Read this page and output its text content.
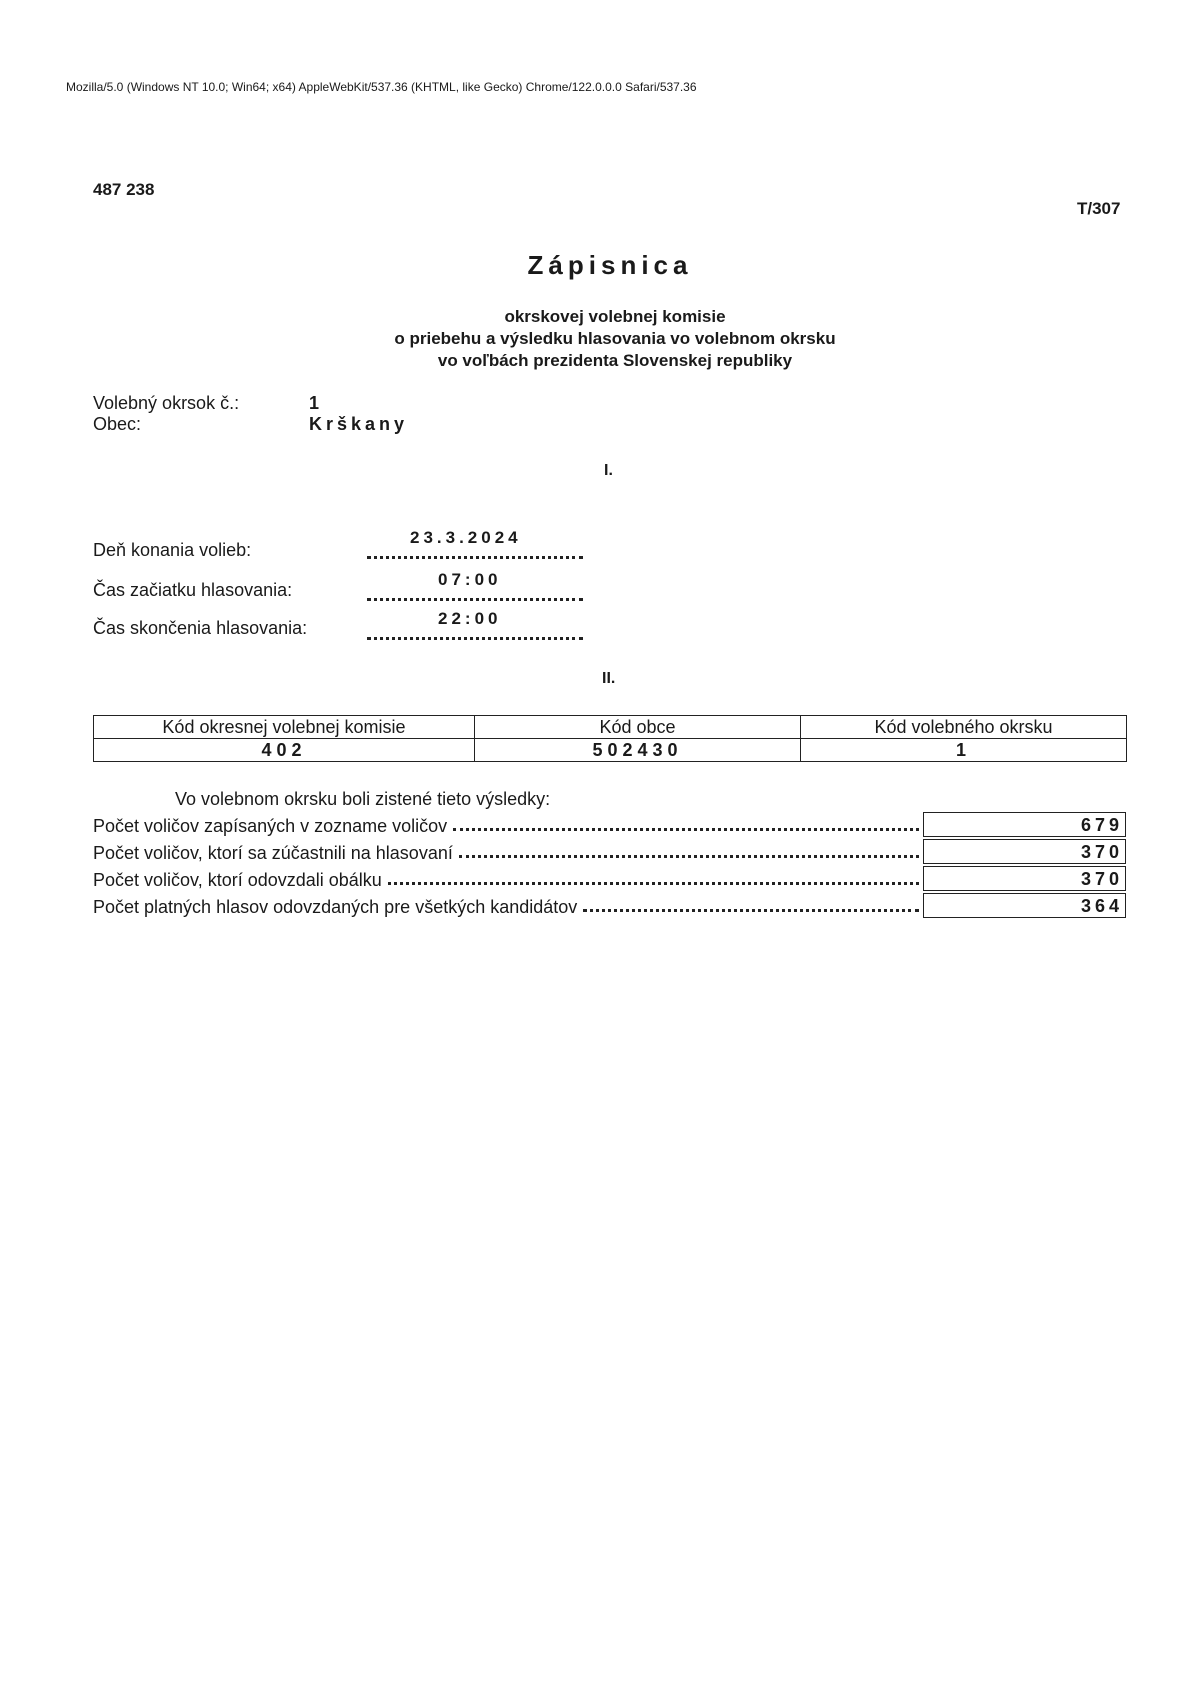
Mozilla/5.0 (Windows NT 10.0; Win64; x64) AppleWebKit/537.36 (KHTML, like Gecko) Chrome/122.0.0.0 Safari/537.36
487 238
T/307
Zápisnica
okrskovej volebnej komisie
o priebehu a výsledku hlasovania vo volebnom okrsku
vo voľbách prezidenta Slovenskej republiky
Volebný okrsok č.:	1
Obec:	Krškany
I.
Deň konania volieb:
23.3.2024
Čas začiatku hlasovania:
07:00
Čas skončenia hlasovania:	22:00
II.
Kód okresnej volebnej komisie	Kód obce	Kód volebného okrsku
402	502430	1
Vo volebnom okrsku boli zistené tieto výsledky:
Počet voličov zapísaných v zozname voličov	679
Počet voličov, ktorí sa zúčastnili na hlasovaní	370
Počet voličov, ktorí odovzdali obálku	370
Počet platných hlasov odovzdaných pre všetkých kandidátov	364
